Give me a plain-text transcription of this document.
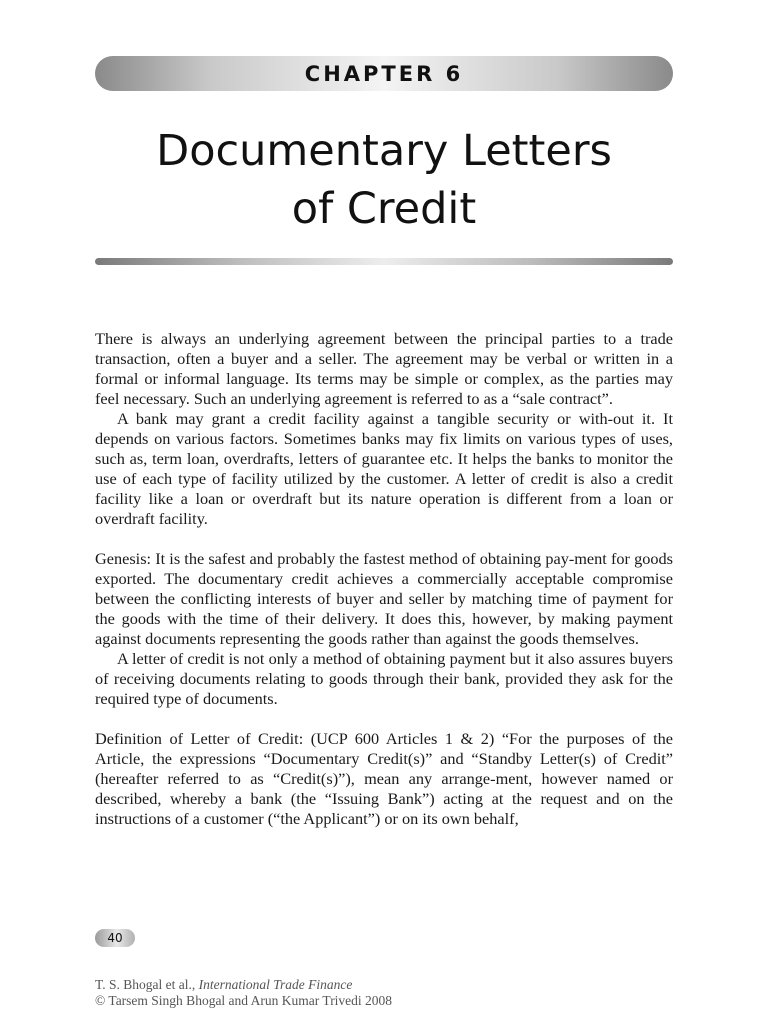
CHAPTER 6
Documentary Letters
of Credit

There is always an underlying agreement between the principal parties to a trade transaction, often a buyer and a seller. The agreement may be verbal or written in a formal or informal language. Its terms may be simple or complex, as the parties may feel necessary. Such an underlying agreement is referred to as a “sale contract”.

A bank may grant a credit facility against a tangible security or with-out it. It depends on various factors. Sometimes banks may fix limits on various types of uses, such as, term loan, overdrafts, letters of guarantee etc. It helps the banks to monitor the use of each type of facility utilized by the customer. A letter of credit is also a credit facility like a loan or overdraft but its nature operation is different from a loan or overdraft facility.

Genesis: It is the safest and probably the fastest method of obtaining pay-ment for goods exported. The documentary credit achieves a commercially acceptable compromise between the conflicting interests of buyer and seller by matching time of payment for the goods with the time of their delivery. It does this, however, by making payment against documents representing the goods rather than against the goods themselves.

A letter of credit is not only a method of obtaining payment but it also assures buyers of receiving documents relating to goods through their bank, provided they ask for the required type of documents.

Definition of Letter of Credit: (UCP 600 Articles 1 & 2) “For the purposes of the Article, the expressions “Documentary Credit(s)” and “Standby Letter(s) of Credit” (hereafter referred to as “Credit(s)”), mean any arrange-ment, however named or described, whereby a bank (the “Issuing Bank”) acting at the request and on the instructions of a customer (“the Applicant”) or on its own behalf,

40
T. S. Bhogal et al., International Trade Finance
© Tarsem Singh Bhogal and Arun Kumar Trivedi 2008
